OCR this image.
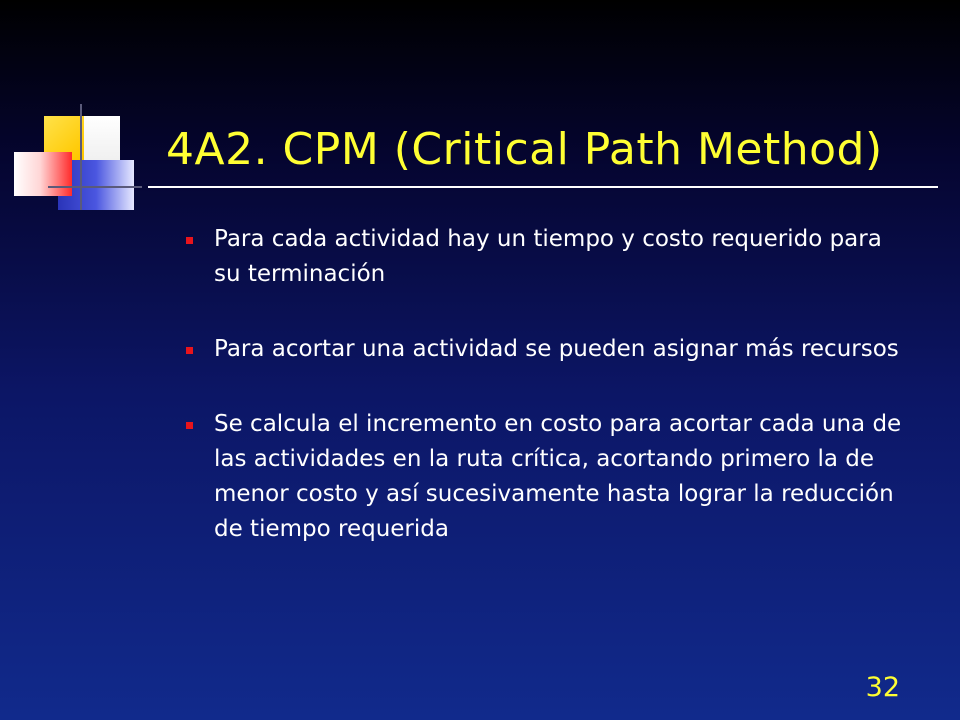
4A2. CPM (Critical Path Method)
Para cada actividad hay un tiempo y costo requerido para su terminación
Para acortar una actividad se pueden asignar más recursos
Se calcula el incremento en costo para acortar cada una de las actividades en la ruta crítica, acortando primero la de menor costo y así sucesivamente hasta lograr la reducción de tiempo requerida
32
